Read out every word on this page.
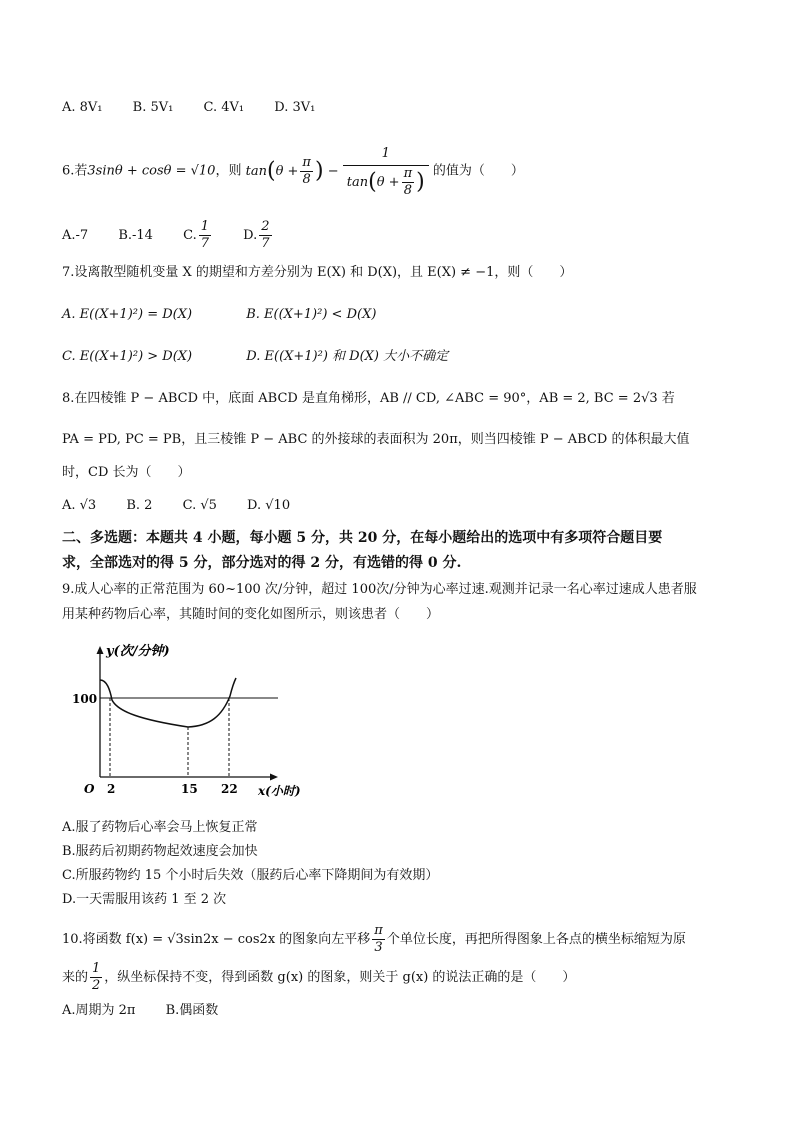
A. 8V₁ B. 5V₁ C. 4V₁ D. 3V₁
6.若3sinθ + cosθ = √10，则 $\tan(\theta + \frac{\pi}{8}$ ) − $\frac{1}{\tan(\theta + \frac{\pi}{8} )}$ 的值为（　　）
A.-7 B.-14 C. $\frac{1}{7} D$. $\frac{2}{7}$
7.设离散型随机变量 X 的期望和方差分别为 E(X) 和 D(X)，且 E(X) ≠ −1，则（　　）
A. E((X+1)²) = D(X)	B. E((X+1)²) < D(X)
C. E((X+1)²) > D(X)	D. E((X+1)²) 和 D(X) 大小不确定
8.在四棱锥 P − ABCD 中，底面 ABCD 是直角梯形，AB // CD, ∠ABC = 90°，AB = 2, BC = 2√3 若
PA = PD, PC = PB，且三棱锥 P − ABC 的外接球的表面积为 20π，则当四棱锥 P − ABCD 的体积最大值
时，CD 长为（　　）
A. √3 B. 2 C. √5 D. √10
二、多选题：本题共 4 小题，每小题 5 分，共 20 分，在每小题给出的选项中有多项符合题目要
求，全部选对的得 5 分，部分选对的得 2 分，有选错的得 0 分.
9.成人心率的正常范围为 60~100 次/分钟，超过 100次/分钟为心率过速.观测并记录一名心率过速成人患者服
用某种药物后心率，其随时间的变化如图所示，则该患者（　　）
y(次/分钟)
100
O 2	15 22 x(小时)
A.服了药物后心率会马上恢复正常
B.服药后初期药物起效速度会加快
C.所服药物约 15 个小时后失效（服药后心率下降期间为有效期）
D.一天需服用该药 1 至 2 次
10.将函数 f(x) = √3sin2x − cos2x 的图象向左平移 $\frac{\pi}{3}$ 个单位长度，再把所得图象上各点的横坐标缩短为原
来的 $\frac{1}{2}$ ，纵坐标保持不变，得到函数 g(x) 的图象，则关于 g(x) 的说法正确的是（　　）
A.周期为 2π B.偶函数
